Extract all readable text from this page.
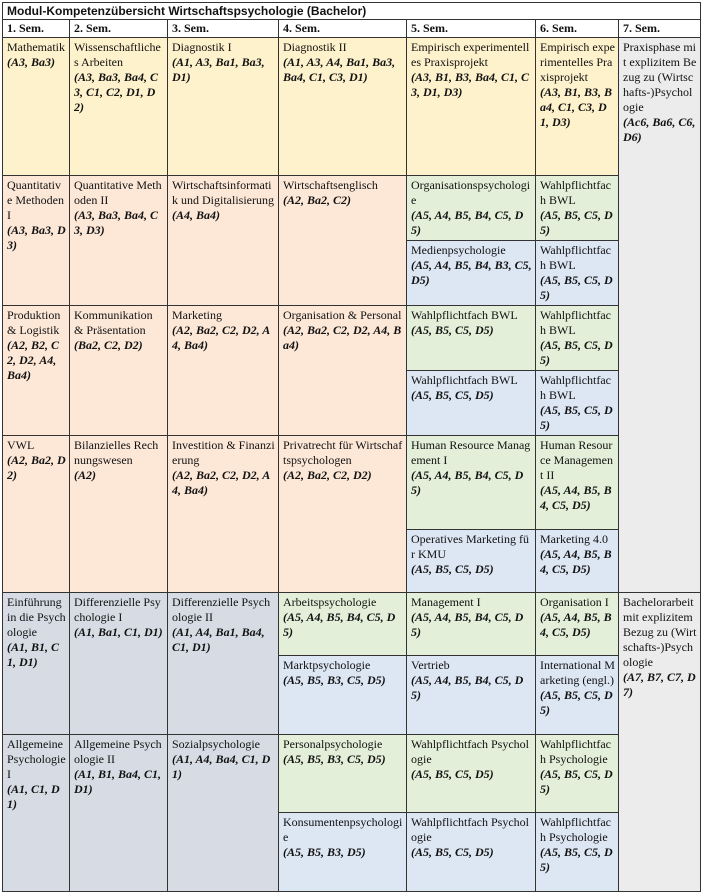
Modul-Kompetenzübersicht Wirtschaftspsychologie (Bachelor)						
1. Sem.	2. Sem.	3. Sem.	4. Sem.	5. Sem.	6. Sem.	7. Sem.

Mathematik
(A3, Ba3)	Wissenschaftliches Arbeiten
(A3, Ba3, Ba4, C3, C1, C2, D1, D2)	Diagnostik I
(A1, A3, Ba1, Ba3, D1)	Diagnostik II
(A1, A3, A4, Ba1, Ba3, Ba4, C1, C3, D1)	Empirisch experimentelles Praxisprojekt
(A3, B1, B3, Ba4, C1, C3, D1, D3)	Empirisch experimentelles Praxisprojekt
(A3, B1, B3, Ba4, C1, C3, D1, D3)	Praxisphase mit explizitem Bezug zu (Wirtschafts-)Psychologie
(Ac6, Ba6, C6, D6)

Quantitative Methoden I
(A3, Ba3, D3)	Quantitative Methoden II
(A3, Ba3, Ba4, C3, D3)	Wirtschaftsinformatik und Digitalisierung
(A4, Ba4)	Wirtschaftsenglisch
(A2, Ba2, C2)	Organisationspsychologie
(A5, A4, B5, B4, C5, D5)	Wahlpflichtfach BWL
(A5, B5, C5, D5)	

				Medienpsychologie
(A5, A4, B5, B4, B3, C5, D5)	Wahlpflichtfach BWL
(A5, B5, C5, D5)	

Produktion & Logistik
(A2, B2, C2, D2, A4, Ba4)	Kommunikation & Präsentation
(Ba2, C2, D2)	Marketing
(A2, Ba2, C2, D2, A4, Ba4)	Organisation & Personal
(A2, Ba2, C2, D2, A4, Ba4)	Wahlpflichtfach BWL
(A5, B5, C5, D5)	Wahlpflichtfach BWL
(A5, B5, C5, D5)	

				Wahlpflichtfach BWL
(A5, B5, C5, D5)	Wahlpflichtfach BWL
(A5, B5, C5, D5)	

VWL
(A2, Ba2, D2)	Bilanzielles Rechnungswesen
(A2)	Investition & Finanzierung
(A2, Ba2, C2, D2, A4, Ba4)	Privatrecht für Wirtschaftspsychologen
(A2, Ba2, C2, D2)	Human Resource Management I
(A5, A4, B5, B4, C5, D5)	Human Resource Management II
(A5, A4, B5, B4, C5, D5)	

				Operatives Marketing für KMU
(A5, B5, C5, D5)	Marketing 4.0
(A5, A4, B5, B4, C5, D5)	

Einführung in die Psychologie
(A1, B1, C1, D1)	Differenzielle Psychologie I
(A1, Ba1, C1, D1)	Differenzielle Psychologie II
(A1, A4, Ba1, Ba4, C1, D1)	Arbeitspsychologie
(A5, A4, B5, B4, C5, D5)	Management I
(A5, A4, B5, B4, C5, D5)	Organisation I
(A5, A4, B5, B4, C5, D5)	Bachelorarbeit mit explizitem Bezug zu (Wirtschafts-)Psychologie
(A7, B7, C7, D7)

			Marktpsychologie
(A5, B5, B3, C5, D5)	Vertrieb
(A5, A4, B5, B4, C5, D5)	International Marketing (engl.)
(A5, B5, C5, D5)	

Allgemeine Psychologie I
(A1, C1, D1)	Allgemeine Psychologie II
(A1, B1, Ba4, C1, D1)	Sozialpsychologie
(A1, A4, Ba4, C1, D1)	Personalpsychologie
(A5, B5, B3, C5, D5)	Wahlpflichtfach Psychologie
(A5, B5, C5, D5)	Wahlpflichtfach Psychologie
(A5, B5, C5, D5)	

			Konsumentenpsychologie
(A5, B5, B3, D5)	Wahlpflichtfach Psychologie
(A5, B5, C5, D5)	Wahlpflichtfach Psychologie
(A5, B5, C5, D5)	
